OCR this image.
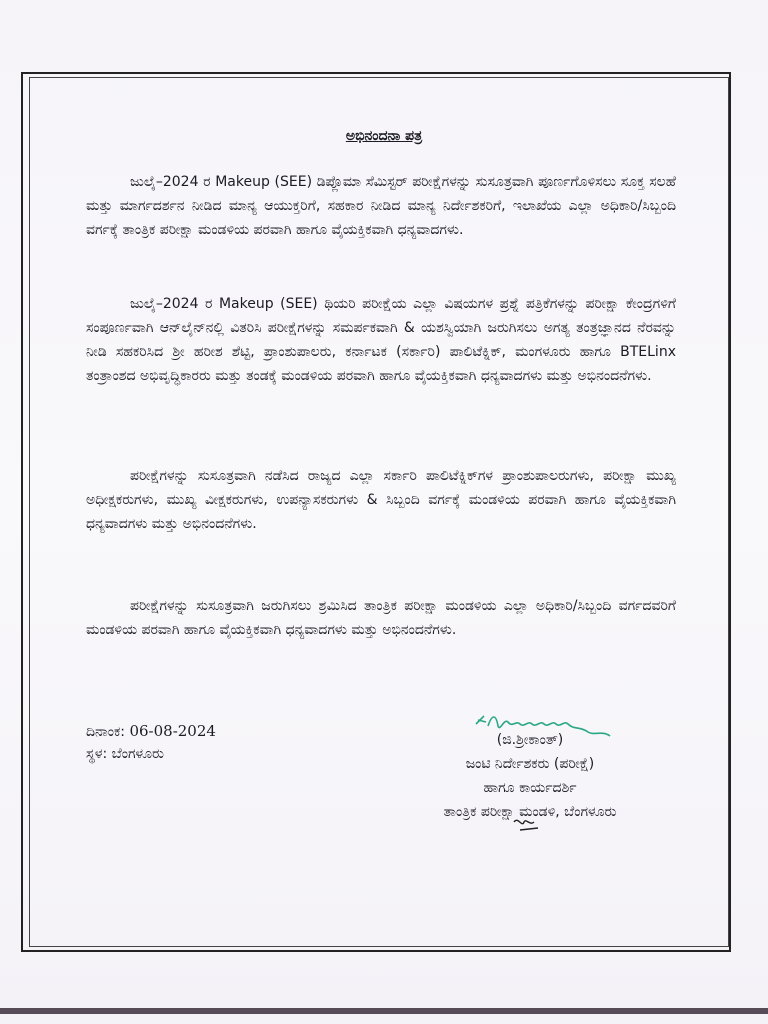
ಅಭಿನಂದನಾ ಪತ್ರ

ಜುಲೈ–2024 ರ Makeup (SEE) ಡಿಪ್ಲೊಮಾ ಸೆಮಿಸ್ಟರ್ ಪರೀಕ್ಷೆಗಳನ್ನು ಸುಸೂತ್ರವಾಗಿ ಪೂರ್ಣಗೊಳಿಸಲು ಸೂಕ್ತ ಸಲಹೆ ಮತ್ತು ಮಾರ್ಗದರ್ಶನ ನೀಡಿದ ಮಾನ್ಯ ಆಯುಕ್ತರಿಗೆ, ಸಹಕಾರ ನೀಡಿದ ಮಾನ್ಯ ನಿರ್ದೇಶಕರಿಗೆ, ಇಲಾಖೆಯ ಎಲ್ಲಾ ಅಧಿಕಾರಿ/ಸಿಬ್ಬಂದಿ ವರ್ಗಕ್ಕೆ ತಾಂತ್ರಿಕ ಪರೀಕ್ಷಾ ಮಂಡಳಿಯ ಪರವಾಗಿ ಹಾಗೂ ವೈಯಕ್ತಿಕವಾಗಿ ಧನ್ಯವಾದಗಳು.

ಜುಲೈ–2024 ರ Makeup (SEE) ಥಿಯರಿ ಪರೀಕ್ಷೆಯ ಎಲ್ಲಾ ವಿಷಯಗಳ ಪ್ರಶ್ನೆ ಪತ್ರಿಕೆಗಳನ್ನು ಪರೀಕ್ಷಾ ಕೇಂದ್ರಗಳಿಗೆ ಸಂಪೂರ್ಣವಾಗಿ ಆನ್‌ಲೈನ್‌ನಲ್ಲಿ ವಿತರಿಸಿ ಪರೀಕ್ಷೆಗಳನ್ನು ಸಮರ್ಪಕವಾಗಿ & ಯಶಸ್ವಿಯಾಗಿ ಜರುಗಿಸಲು ಅಗತ್ಯ ತಂತ್ರಜ್ಞಾನದ ನೆರವನ್ನು ನೀಡಿ ಸಹಕರಿಸಿದ ಶ್ರೀ ಹರೀಶ ಶೆಟ್ಟಿ, ಪ್ರಾಂಶುಪಾಲರು, ಕರ್ನಾಟಕ (ಸರ್ಕಾರಿ) ಪಾಲಿಟೆಕ್ನಿಕ್, ಮಂಗಳೂರು ಹಾಗೂ BTELinx ತಂತ್ರಾಂಶದ ಅಭಿವೃದ್ಧಿಕಾರರು ಮತ್ತು ತಂಡಕ್ಕೆ ಮಂಡಳಿಯ ಪರವಾಗಿ ಹಾಗೂ ವೈಯಕ್ತಿಕವಾಗಿ ಧನ್ಯವಾದಗಳು ಮತ್ತು ಅಭಿನಂದನೆಗಳು.

ಪರೀಕ್ಷೆಗಳನ್ನು ಸುಸೂತ್ರವಾಗಿ ನಡೆಸಿದ ರಾಜ್ಯದ ಎಲ್ಲಾ ಸರ್ಕಾರಿ ಪಾಲಿಟೆಕ್ನಿಕ್‌ಗಳ ಪ್ರಾಂಶುಪಾಲರುಗಳು, ಪರೀಕ್ಷಾ ಮುಖ್ಯ ಅಧೀಕ್ಷಕರುಗಳು, ಮುಖ್ಯ ವೀಕ್ಷಕರುಗಳು, ಉಪನ್ಯಾಸಕರುಗಳು & ಸಿಬ್ಬಂದಿ ವರ್ಗಕ್ಕೆ ಮಂಡಳಿಯ ಪರವಾಗಿ ಹಾಗೂ ವೈಯಕ್ತಿಕವಾಗಿ ಧನ್ಯವಾದಗಳು ಮತ್ತು ಅಭಿನಂದನೆಗಳು.

ಪರೀಕ್ಷೆಗಳನ್ನು ಸುಸೂತ್ರವಾಗಿ ಜರುಗಿಸಲು ಶ್ರಮಿಸಿದ ತಾಂತ್ರಿಕ ಪರೀಕ್ಷಾ ಮಂಡಳಿಯ ಎಲ್ಲಾ ಅಧಿಕಾರಿ/ಸಿಬ್ಬಂದಿ ವರ್ಗದವರಿಗೆ ಮಂಡಳಿಯ ಪರವಾಗಿ ಹಾಗೂ ವೈಯಕ್ತಿಕವಾಗಿ ಧನ್ಯವಾದಗಳು ಮತ್ತು ಅಭಿನಂದನೆಗಳು.

ದಿನಾಂಕ: 06-08-2024
ಸ್ಥಳ: ಬೆಂಗಳೂರು
(ಜಿ.ಶ್ರೀಕಾಂತ್)
ಜಂಟಿ ನಿರ್ದೇಶಕರು (ಪರೀಕ್ಷೆ)
ಹಾಗೂ ಕಾರ್ಯದರ್ಶಿ
ತಾಂತ್ರಿಕ ಪರೀಕ್ಷಾ ಮಂಡಳಿ, ಬೆಂಗಳೂರು
